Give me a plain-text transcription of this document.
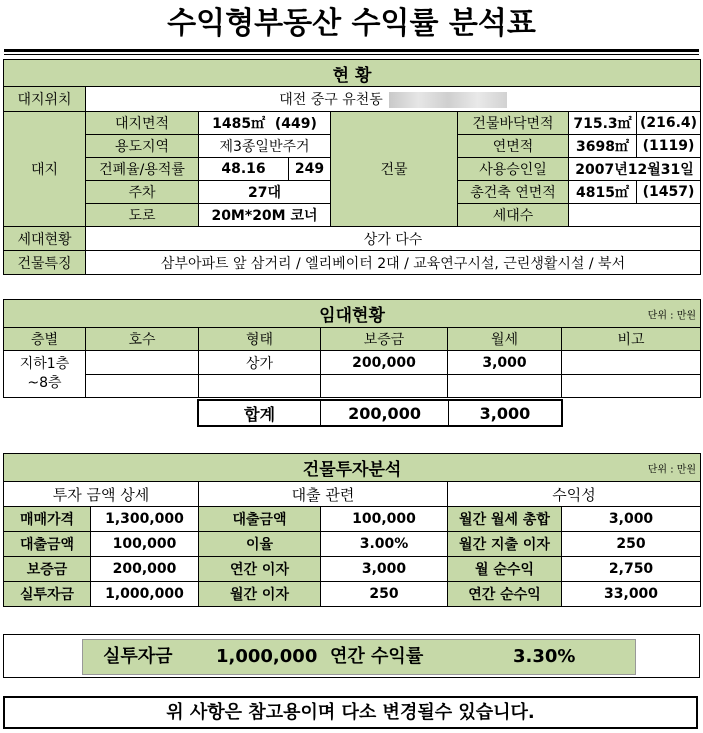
수익형부동산 수익률 분석표
현 황							
대지위치	대전 중구 유천동						
대지	대지면적	1485㎡ (449)		건물	건물바닥면적	715.3㎡	(216.4)
	용도지역	제3종일반주거			연면적	3698㎡	(1119)
	건폐율/용적률	48.16	249		사용승인일	2007년12월31일	
	주차	27대			총건축 연면적	4815㎡	(1457)
	도로	20M*20M 코너			세대수		
세대현황	상가 다수						
건물특징	삼부아파트 앞 삼거리 / 엘리베이터 2대 / 교육연구시설, 근린생활시설 / 북서						
임대현황 단위 : 만원					

층별	호수	형태	보증금	월세	비고
지하1층
~8층		상가	200,000	3,000	

합계	200,000	3,000
건물투자분석 단위 : 만원					

투자 금액 상세		대출 관련		수익성	
매매가격	1,300,000	대출금액	100,000	월간 월세 총합	3,000
대출금액	100,000	이율	3.00%	월간 지출 이자	250
보증금	200,000	연간 이자	3,000	월 순수익	2,750
실투자금	1,000,000	월간 이자	250	연간 순수익	33,000
실투자금 1,000,000 연간 수익률	3.30%
위 사항은 참고용이며 다소 변경될수 있습니다.
